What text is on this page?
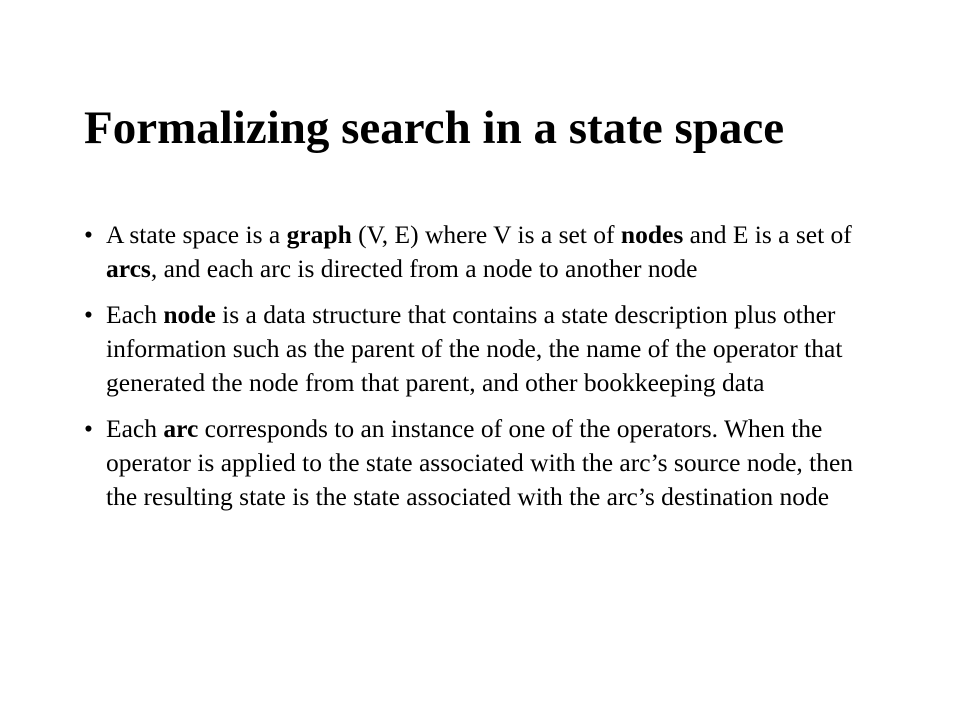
Formalizing search in a state space
• A state space is a graph (V, E) where V is a set of nodes and E is a set of arcs, and each arc is directed from a node to another node
• Each node is a data structure that contains a state description plus other information such as the parent of the node, the name of the operator that generated the node from that parent, and other bookkeeping data
• Each arc corresponds to an instance of one of the operators. When the operator is applied to the state associated with the arc’s source node, then the resulting state is the state associated with the arc’s destination node
